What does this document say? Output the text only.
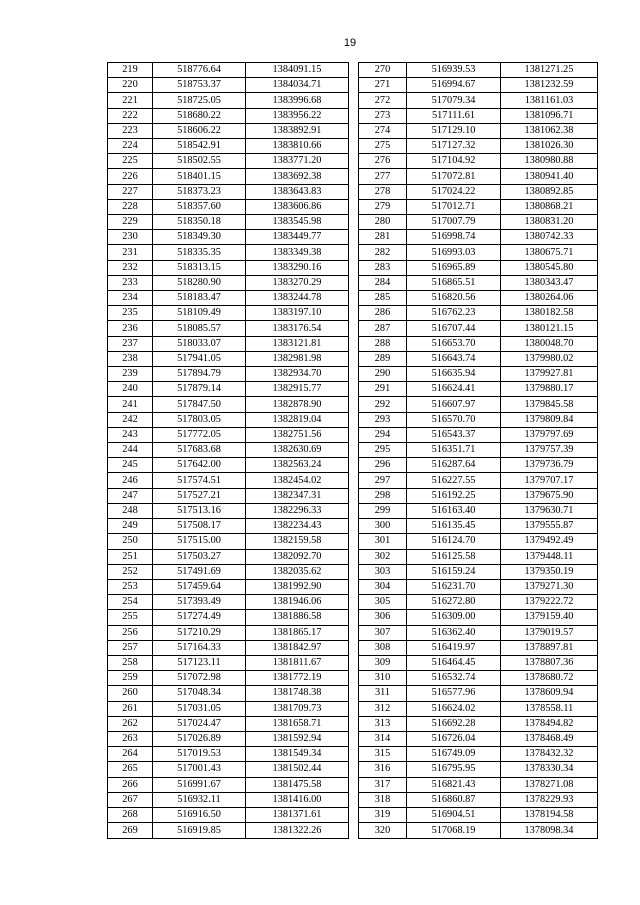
19
219	518776.64	1384091.15
220	518753.37	1384034.71
221	518725.05	1383996.68
222	518680.22	1383956.22
223	518606.22	1383892.91
224	518542.91	1383810.66
225	518502.55	1383771.20
226	518401.15	1383692.38
227	518373.23	1383643.83
228	518357.60	1383606.86
229	518350.18	1383545.98
230	518349.30	1383449.77
231	518335.35	1383349.38
232	518313.15	1383290.16
233	518280.90	1383270.29
234	518183.47	1383244.78
235	518109.49	1383197.10
236	518085.57	1383176.54
237	518033.07	1383121.81
238	517941.05	1382981.98
239	517894.79	1382934.70
240	517879.14	1382915.77
241	517847.50	1382878.90
242	517803.05	1382819.04
243	517772.05	1382751.56
244	517683.68	1382630.69
245	517642.00	1382563.24
246	517574.51	1382454.02
247	517527.21	1382347.31
248	517513.16	1382296.33
249	517508.17	1382234.43
250	517515.00	1382159.58
251	517503.27	1382092.70
252	517491.69	1382035.62
253	517459.64	1381992.90
254	517393.49	1381946.06
255	517274.49	1381886.58
256	517210.29	1381865.17
257	517164.33	1381842.97
258	517123.11	1381811.67
259	517072.98	1381772.19
260	517048.34	1381748.38
261	517031.05	1381709.73
262	517024.47	1381658.71
263	517026.89	1381592.94
264	517019.53	1381549.34
265	517001.43	1381502.44
266	516991.67	1381475.58
267	516932.11	1381416.00
268	516916.50	1381371.61
269	516919.85	1381322.26
270	516939.53	1381271.25
271	516994.67	1381232.59
272	517079.34	1381161.03
273	517111.61	1381096.71
274	517129.10	1381062.38
275	517127.32	1381026.30
276	517104.92	1380980.88
277	517072.81	1380941.40
278	517024.22	1380892.85
279	517012.71	1380868.21
280	517007.79	1380831.20
281	516998.74	1380742.33
282	516993.03	1380675.71
283	516965.89	1380545.80
284	516865.51	1380343.47
285	516820.56	1380264.06
286	516762.23	1380182.58
287	516707.44	1380121.15
288	516653.70	1380048.70
289	516643.74	1379980.02
290	516635.94	1379927.81
291	516624.41	1379880.17
292	516607.97	1379845.58
293	516570.70	1379809.84
294	516543.37	1379797.69
295	516351.71	1379757.39
296	516287.64	1379736.79
297	516227.55	1379707.17
298	516192.25	1379675.90
299	516163.40	1379630.71
300	516135.45	1379555.87
301	516124.70	1379492.49
302	516125.58	1379448.11
303	516159.24	1379350.19
304	516231.70	1379271.30
305	516272.80	1379222.72
306	516309.00	1379159.40
307	516362.40	1379019.57
308	516419.97	1378897.81
309	516464.45	1378807.36
310	516532.74	1378680.72
311	516577.96	1378609.94
312	516624.02	1378558.11
313	516692.28	1378494.82
314	516726.04	1378468.49
315	516749.09	1378432.32
316	516795.95	1378330.34
317	516821.43	1378271.08
318	516860.87	1378229.93
319	516904.51	1378194.58
320	517068.19	1378098.34
